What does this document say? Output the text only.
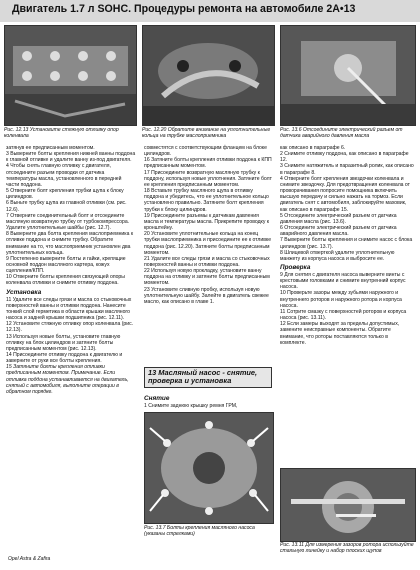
Двигатель 1.7 л SOHC. Процедуры ремонта на автомобиле 2А•13
Рис. 12.13 Установите стяжную отливку опор коленвала
Рис. 12.20 Обратите внимание на уплотнительные кольца на трубке маслоприемника
Рис. 13.6 Отсоедините электрический разъем от датчика аварийного давления масла

затянув ее предписанным моментом.

3 Выверните болты крепления нижней ванны поддона к главной отливке и удалите ванну из-под двигателя.

4 Чтобы снять главную отливку с двигателя, отсоедините разъем проводки от датчика температуры масла, установленного в передней части поддона.

5 Отверните болт крепления трубки щупа к блоку цилиндров.

6 Выньте трубку щупа из главной отливки (см. рис. 12.6).

7 Отверните соединительный болт и отсоедините масляную возвратную трубку от турбокомпрессора. Удалите уплотнительные шайбы (рис. 12.7).

8 Выверните два болта крепления маслоприемника к отливке поддона и снимите трубку. Обратите внимание на то, что маслоприемник установлен два уплотнительных кольца.

9 Постепенно выверните болты и гайки, крепящие основной поддон масляного картера, кожух сцепления/КПП.

10 Отверните болты крепления связующей опоры коленвала отливки и снимите отливку поддона.

Установка

11 Удалите все следы грязи и масла со стыковочных поверхностей ванны и отливки поддона. Нанесите тонкий слой герметика в области крышки масляного насоса и задней крышки подшипника (рис. 12.11).

12 Установите стяжную отливку опор коленвала (рис. 12.13).

13 Используя новые болты, установите главную отливку на блок цилиндров и затяните болты предписанным моментом (рис. 12.13).

14 Присоедините отливку поддона к двигателю и заверните от руки все болты крепления.

15 Затяните болты крепления отливки предписанным моментом. Примечание. Если отливка поддона устанавливается на двигатель, снятый с автомобиля, выполните операции в обратном порядке.

совместятся с соответствующим фланцем на блоке цилиндров.

16 Затяните болты крепления отливки поддона к КПП предписанным моментом.

17 Присоедините возвратную масляную трубку к поддону, используя новые уплотнения. Затяните болт ее крепления предписанным моментом.

18 Вставьте трубку масляного щупа в отливку поддона и убедитесь, что ее уплотнительное кольцо установлено правильно. Затяните болт крепления трубки к блоку цилиндров.

19 Присоедините разъемы к датчикам давления масла и температуры масла. Прикрепите проводку к кронштейну.

20 Установите уплотнительные кольца на конец трубки маслоприемника и присоедините ее к отливке поддона (рис. 12.20). Затяните болты предписанным моментом.

21 Удалите все следы грязи и масла со стыковочных поверхностей ванны и отливки поддона.

22 Используя новую прокладку, установите ванну поддона на отливку и затяните болты предписанным моментом.

23 Установите сливную пробку, используя новую уплотнительную шайбу. Залейте в двигатель свежее масло, как описано в главе 1.

13 Масляный насос - снятие, проверка и установка

Снятие

1 Снимите заднюю крышку ремня ГРМ,

Рис. 13.7 Болты крепления масляного насоса (указаны стрелками)

как описано в параграфе 6.

2 Снимите отливку поддона, как описано в параграфе 12.

3 Снимите натяжитель и паразитный ролик, как описано в параграфе 8.

4 Отверните болт крепления звездочки коленвала и снимите звездочку. Для предотвращения коленвала от проворачивания попросите помощника включить высшую передачу и сильно нажать на тормоз. Если двигатель снят с автомобиля, заблокируйте маховик, как описано в параграфе 15.

5 Отсоедините электрический разъем от датчика давления масла (рис. 13.6).

6 Отсоедините электрический разъем от датчика аварийного давления масла.

7 Выверните болты крепления и снимите насос с блока цилиндров (рис. 13.7).

8 Шлицевой отверткой удалите уплотнительную манжету из корпуса насоса и выбросите ее.

Проверка

9 Для снятия с двигателя насоса выверните винты с крестовыми головками и снимите внутренний корпус насоса.

10 Проверьте зазоры между зубьями наружного и внутреннего роторов и наружного ротора и корпуса насоса.

11 Сотрите смазку с поверхностей роторов и корпуса насоса (рис. 13.11).

12 Если замеры выходят за пределы допустимых, замените неисправные компоненты. Обратите внимание, что роторы поставляются только в комплекте.

Рис. 13.11 Для измерения зазоров ротора используйте стальную линейку и набор плоских щупов
Opel Astra & Zafira
